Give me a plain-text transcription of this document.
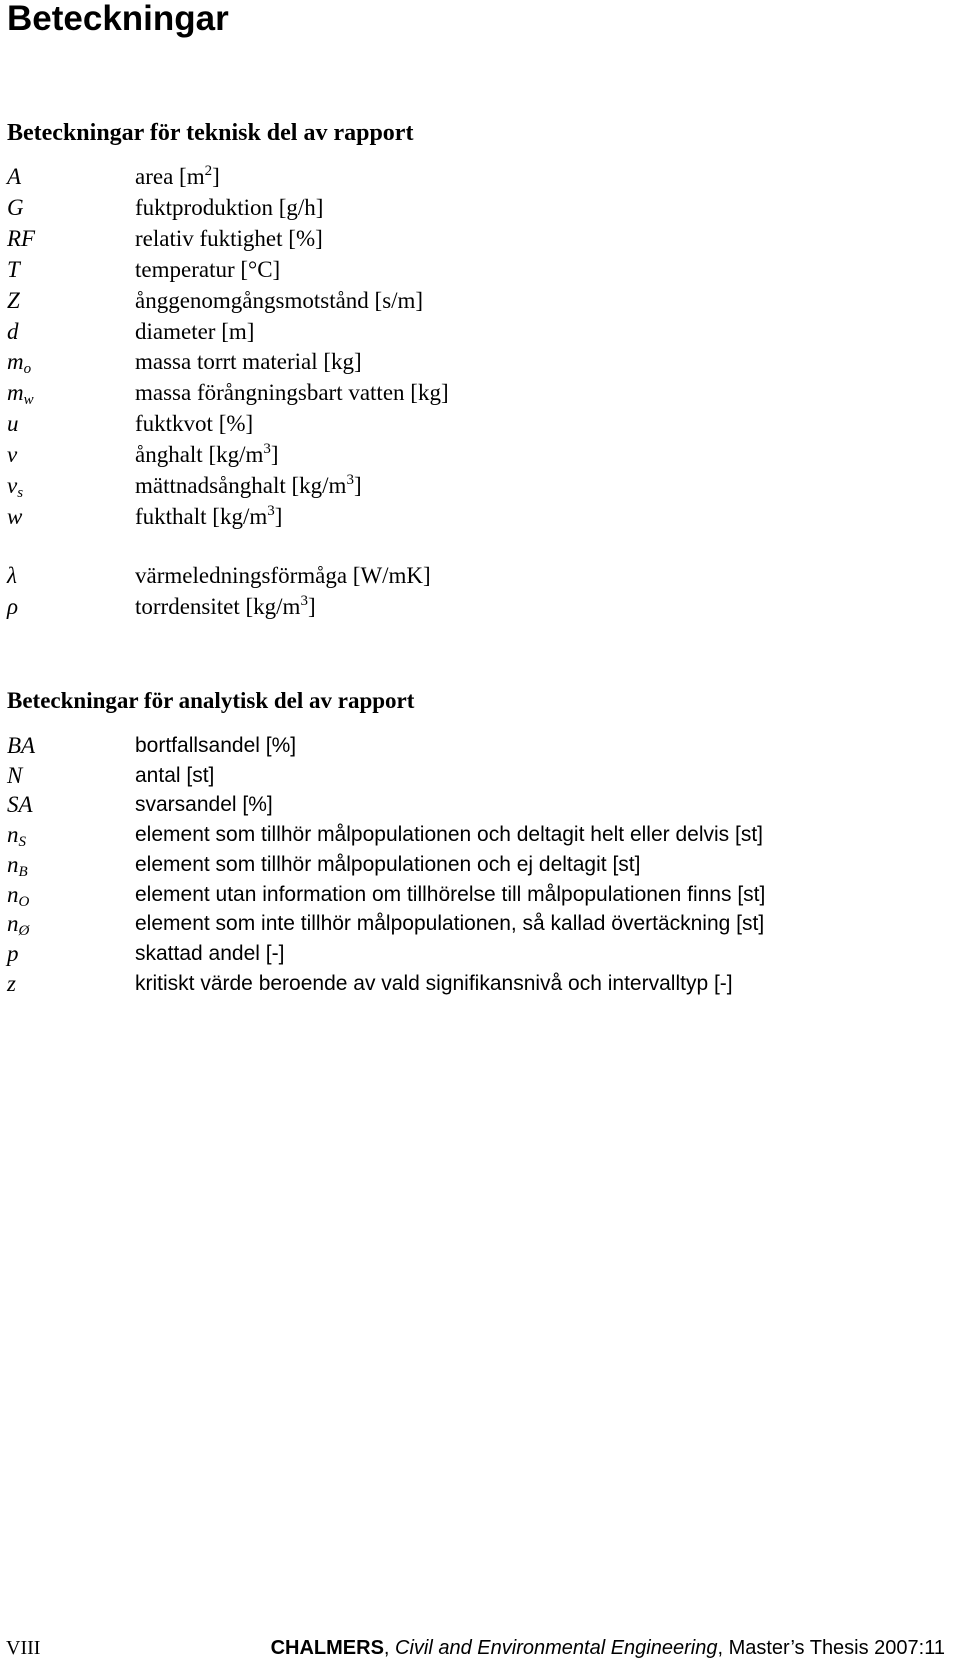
Beteckningar
Beteckningar för teknisk del av rapport
A	area $[m^2]$
G	fuktproduktion [g/h]
RF	relativ fuktighet [%]
T	temperatur [°C]
Z	ånggenomgångsmotstånd [s/m]
d	diameter [m]
$m_o$	massa torrt material [kg]
$m_w$	massa förångningsbart vatten [kg]
u	fuktkvot [%]
v	ånghalt $[kg/m^3]$
$v_s$	mättnadsånghalt $[kg/m^3]$
w	fukthalt $[kg/m^3]$
λ	värmeledningsförmåga [W/mK]
ρ	torrdensitet $[kg/m^3]$
Beteckningar för analytisk del av rapport
BA	bortfallsandel [%]
N	antal [st]
SA	svarsandel [%]
$n_S$	element som tillhör målpopulationen och deltagit helt eller delvis [st]
$n_B$	element som tillhör målpopulationen och ej deltagit [st]
$n_O$	element utan information om tillhörelse till målpopulationen finns [st]
$n_Ø$	element som inte tillhör målpopulationen, så kallad övertäckning [st]
p	skattad andel [-]
z	kritiskt värde beroende av vald signifikansnivå och intervalltyp [-]
VIII	CHALMERS, Civil and Environmental Engineering, Master’s Thesis 2007:11
